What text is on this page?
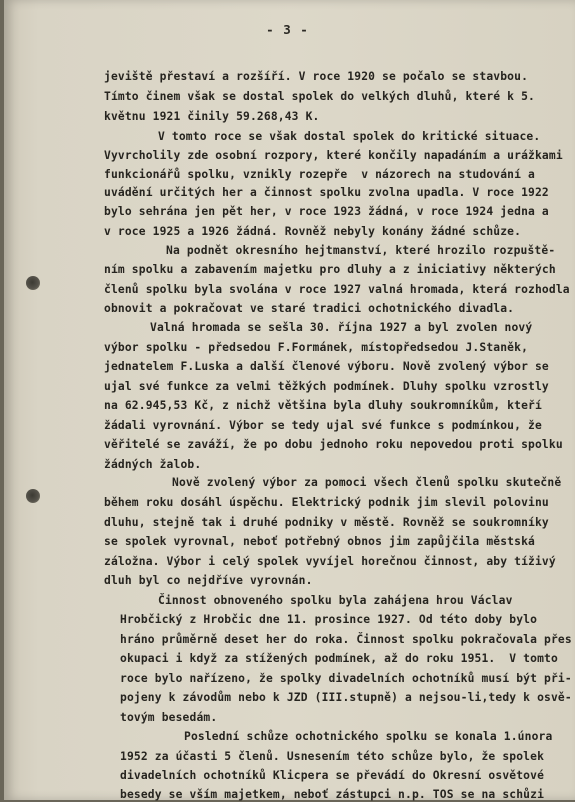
- 3 -
jeviště přestaví a rozšíří. V roce 1920 se počalo se stavbou.
Tímto činem však se dostal spolek do velkých dluhů, které k 5.
květnu 1921 činily 59.268,43 K.
V tomto roce se však dostal spolek do kritické situace.
Vyvrcholily zde osobní rozpory, které končily napadáním a urážkami
funkcionářů spolku, vznikly rozepře  v názorech na studování a
uvádění určitých her a činnost spolku zvolna upadla. V roce 1922
bylo sehrána jen pět her, v roce 1923 žádná, v roce 1924 jedna a
v roce 1925 a 1926 žádná. Rovněž nebyly konány žádné schůze.
Na podnět okresního hejtmanství, které hrozilo rozpuště-
ním spolku a zabavením majetku pro dluhy a z iniciativy některých
členů spolku byla svolána v roce 1927 valná hromada, která rozhodla
obnovit a pokračovat ve staré tradici ochotnického divadla.
Valná hromada se sešla 30. října 1927 a byl zvolen nový
výbor spolku - předsedou F.Formánek, místopředsedou J.Staněk,
jednatelem F.Luska a další členové výboru. Nově zvolený výbor se
ujal své funkce za velmi těžkých podmínek. Dluhy spolku vzrostly
na 62.945,53 Kč, z nichž většina byla dluhy soukromníkům, kteří
žádali vyrovnání. Výbor se tedy ujal své funkce s podmínkou, že
věřitelé se zaváží, že po dobu jednoho roku nepovedou proti spolku
žádných žalob.
Nově zvolený výbor za pomoci všech členů spolku skutečně
během roku dosáhl úspěchu. Elektrický podnik jim slevil polovinu
dluhu, stejně tak i druhé podniky v městě. Rovněž se soukromníky
se spolek vyrovnal, neboť potřebný obnos jim zapůjčila městská
záložna. Výbor i celý spolek vyvíjel horečnou činnost, aby tíživý
dluh byl co nejdříve vyrovnán.
Činnost obnoveného spolku byla zahájena hrou Václav
Hrobčický z Hrobčic dne 11. prosince 1927. Od této doby bylo
hráno průměrně deset her do roka. Činnost spolku pokračovala přes
okupaci i když za stížených podmínek, až do roku 1951.  V tomto
roce bylo nařízeno, že spolky divadelních ochotníků musí být při-
pojeny k závodům nebo k JZD (III.stupně) a nejsou-li,tedy k osvě-
tovým besedám.
Poslední schůze ochotnického spolku se konala 1.února
1952 za účasti 5 členů. Usnesením této schůze bylo, že spolek
divadelních ochotníků Klicpera se převádí do Okresní osvětové
besedy se vším majetkem, neboť zástupci n.p. TOS se na schůzi
